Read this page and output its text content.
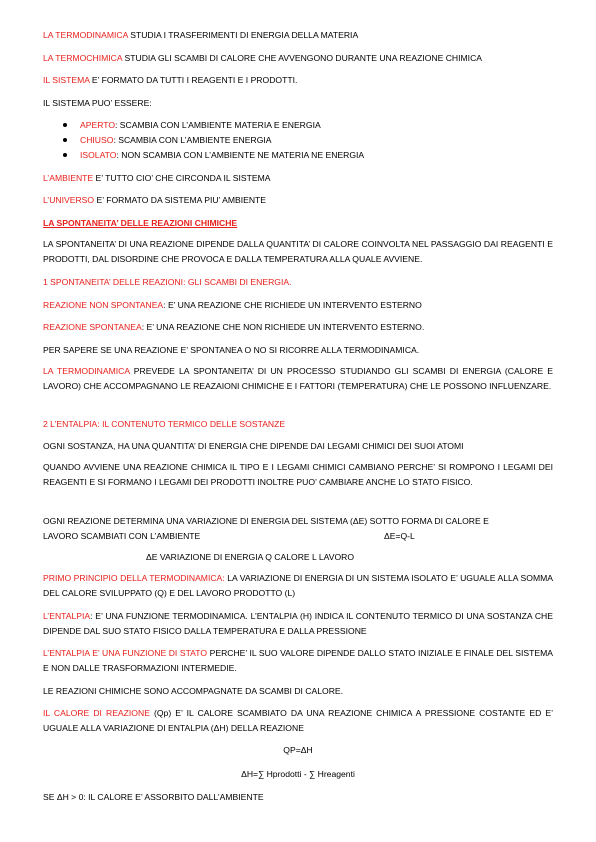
LA TERMODINAMICA STUDIA I TRASFERIMENTI DI ENERGIA DELLA MATERIA
LA TERMOCHIMICA STUDIA GLI SCAMBI DI CALORE CHE AVVENGONO DURANTE UNA REAZIONE CHIMICA
IL SISTEMA E’ FORMATO DA TUTTI I REAGENTI E I PRODOTTI.
IL SISTEMA PUO’ ESSERE:
APERTO: SCAMBIA CON L’AMBIENTE MATERIA E ENERGIA
CHIUSO: SCAMBIA CON L’AMBIENTE ENERGIA
ISOLATO: NON SCAMBIA CON L’AMBIENTE NE MATERIA NE ENERGIA
L’AMBIENTE E’ TUTTO CIO’ CHE CIRCONDA IL SISTEMA
L’UNIVERSO E’ FORMATO DA SISTEMA PIU’ AMBIENTE
LA SPONTANEITA’ DELLE REAZIONI CHIMICHE
LA SPONTANEITA’ DI UNA REAZIONE DIPENDE DALLA QUANTITA’ DI CALORE COINVOLTA NEL PASSAGGIO DAI REAGENTI E PRODOTTI, DAL DISORDINE CHE PROVOCA E DALLA TEMPERATURA ALLA QUALE AVVIENE.
1 SPONTANEITA’ DELLE REAZIONI: GLI SCAMBI DI ENERGIA.
REAZIONE NON SPONTANEA: E’ UNA REAZIONE CHE RICHIEDE UN INTERVENTO ESTERNO
REAZIONE SPONTANEA: E’ UNA REAZIONE CHE NON RICHIEDE UN INTERVENTO ESTERNO.
PER SAPERE SE UNA REAZIONE E’ SPONTANEA O NO SI RICORRE ALLA TERMODINAMICA.
LA TERMODINAMICA PREVEDE LA SPONTANEITA’ DI UN PROCESSO STUDIANDO GLI SCAMBI DI ENERGIA (CALORE E LAVORO) CHE ACCOMPAGNANO LE REAZAIONI CHIMICHE E I FATTORI (TEMPERATURA) CHE LE POSSONO INFLUENZARE.
2 L’ENTALPIA: IL CONTENUTO TERMICO DELLE SOSTANZE
OGNI SOSTANZA, HA UNA QUANTITA’ DI ENERGIA CHE DIPENDE DAI LEGAMI CHIMICI DEI SUOI ATOMI
QUANDO AVVIENE UNA REAZIONE CHIMICA IL TIPO E I LEGAMI CHIMICI CAMBIANO PERCHE’ SI ROMPONO I LEGAMI DEI REAGENTI E SI FORMANO I LEGAMI DEI PRODOTTI INOLTRE PUO’ CAMBIARE ANCHE LO STATO FISICO.
OGNI REAZIONE DETERMINA UNA VARIAZIONE DI ENERGIA DEL SISTEMA (ΔE) SOTTO FORMA DI CALORE E
LAVORO SCAMBIATI CON L’AMBIENTE	ΔE=Q-L
ΔE VARIAZIONE DI ENERGIA Q CALORE L LAVORO
PRIMO PRINCIPIO DELLA TERMODINAMICA: LA VARIAZIONE DI ENERGIA DI UN SISTEMA ISOLATO E’ UGUALE ALLA SOMMA DEL CALORE SVILUPPATO (Q) E DEL LAVORO PRODOTTO (L)
L’ENTALPIA: E’ UNA FUNZIONE TERMODINAMICA. L’ENTALPIA (H) INDICA IL CONTENUTO TERMICO DI UNA SOSTANZA CHE DIPENDE DAL SUO STATO FISICO DALLA TEMPERATURA E DALLA PRESSIONE
L’ENTALPIA E’ UNA FUNZIONE DI STATO PERCHE’ IL SUO VALORE DIPENDE DALLO STATO INIZIALE E FINALE DEL SISTEMA E NON DALLE TRASFORMAZIONI INTERMEDIE.
LE REAZIONI CHIMICHE SONO ACCOMPAGNATE DA SCAMBI DI CALORE.
IL CALORE DI REAZIONE (Qp) E’ IL CALORE SCAMBIATO DA UNA REAZIONE CHIMICA A PRESSIONE COSTANTE ED E’ UGUALE ALLA VARIAZIONE DI ENTALPIA (ΔH) DELLA REAZIONE
QP=ΔH
ΔH=∑ Hprodotti - ∑ Hreagenti
SE ΔH > 0: IL CALORE E’ ASSORBITO DALL’AMBIENTE
